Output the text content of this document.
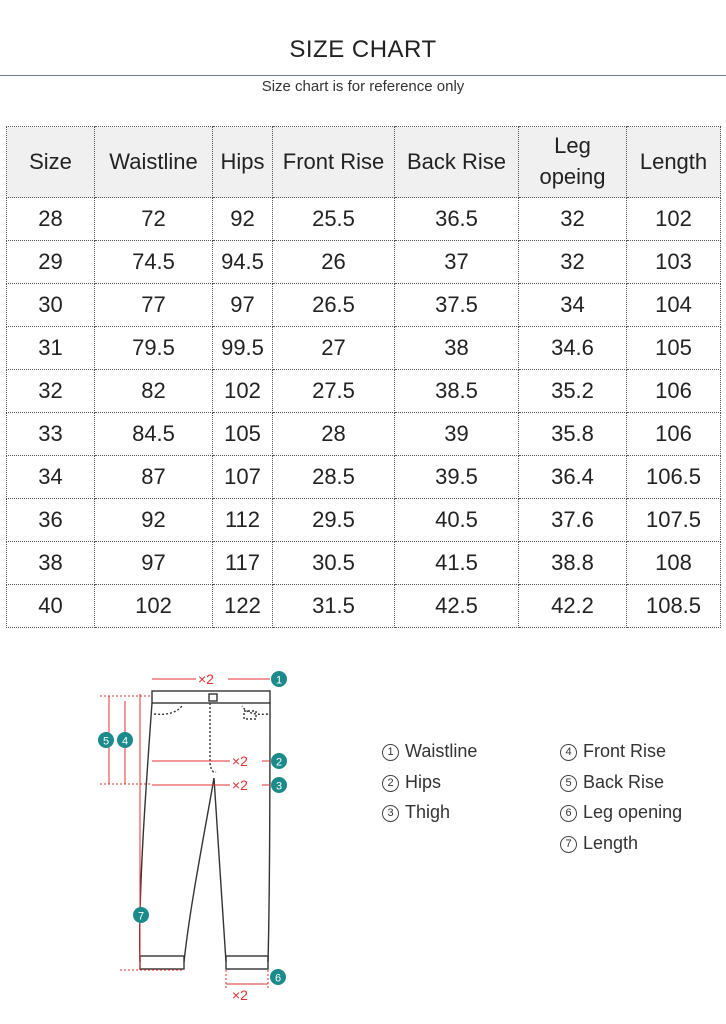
SIZE CHART
Size chart is for reference only
Size	Waistline	Hips	Front Rise	Back Rise	Leg opeing	Length
28	72	92	25.5	36.5	32	102
29	74.5	94.5	26	37	32	103
30	77	97	26.5	37.5	34	104
31	79.5	99.5	27	38	34.6	105
32	82	102	27.5	38.5	35.2	106
33	84.5	105	28	39	35.8	106
34	87	107	28.5	39.5	36.4	106.5
36	92	112	29.5	40.5	37.6	107.5
38	97	117	30.5	41.5	38.8	108
40	102	122	31.5	42.5	42.2	108.5
×2
×2
×2
×2
1
2
3
4
5
6
7
1 Waistline
2 Hips
3 Thigh
4 Front Rise
5 Back Rise
6 Leg opening
7 Length
